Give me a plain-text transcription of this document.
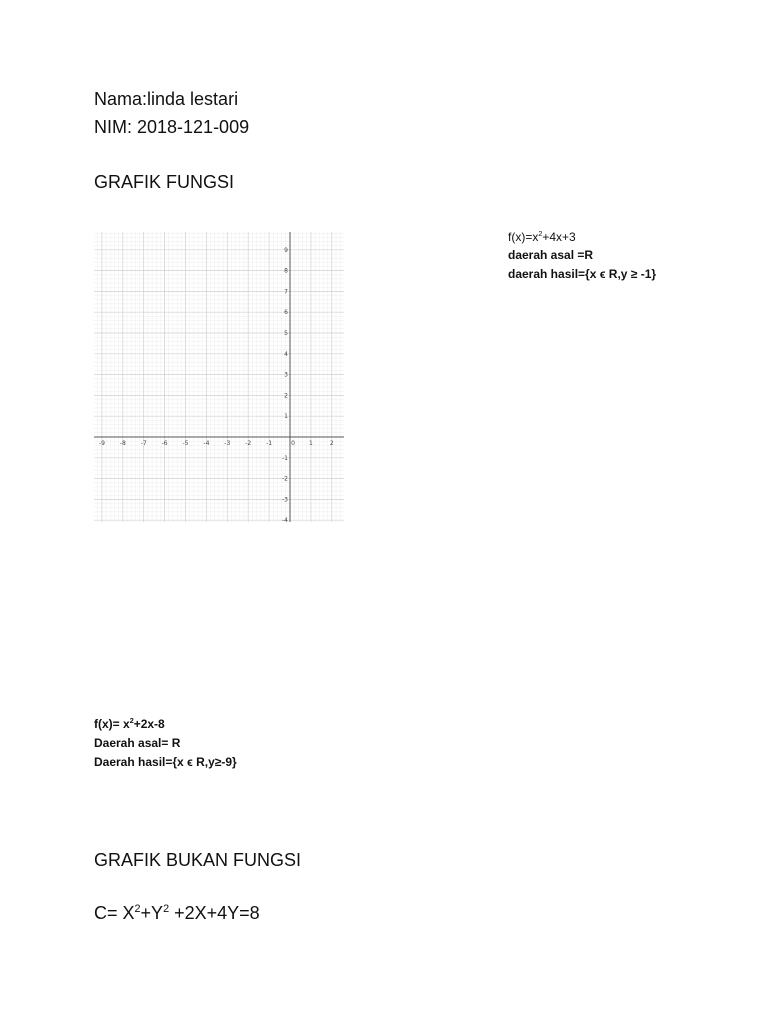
Nama:linda lestari
NIM: 2018-121-009
GRAFIK FUNGSI
-9 -8 -7 -6 -5 -4 -3 -2 -1	0 1	2
-4
-3
-2
-1
1
2
3
4
5
6
7
8
9
$f(x)=x^2+4x+3$
daerah asal =R
daerah hasil={x ϵ R,y ≥ -1}
$f(x)= x^2+2x-8$
Daerah asal= R
Daerah hasil={x ϵ R,y≥-9}
GRAFIK BUKAN FUNGSI
$C= X^2+Y^2 +2X+4Y=8$
